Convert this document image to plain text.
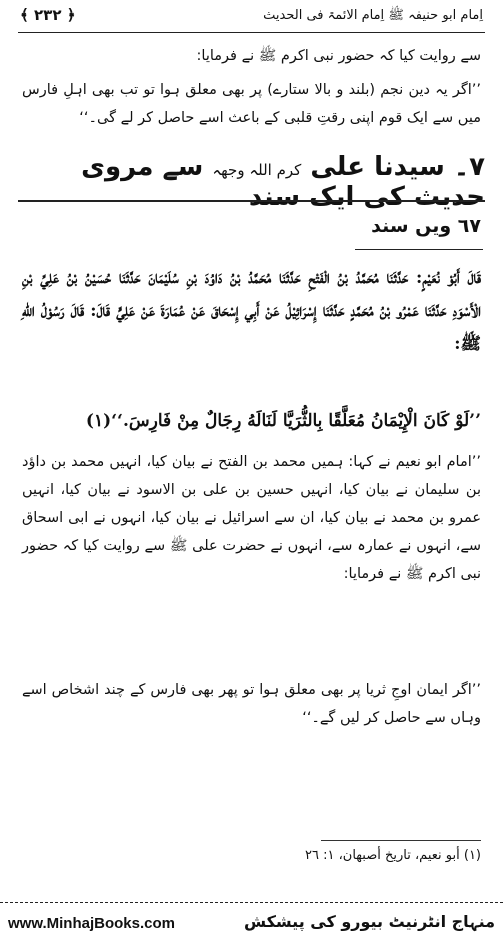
﴿ ٢٣٢ ﴾	اِمام ابو حنیفہ ﷺ اِمام الائمۃ فی الحدیث
سے روایت کیا کہ حضور نبی اکرم ﷺ نے فرمایا:
’’اگر یہ دین نجم (بلند و بالا ستارے) پر بھی معلق ہوا تو تب بھی اہلِ فارس میں سے ایک قوم اپنی رقتِ قلبی کے باعث اسے حاصل کر لے گی۔‘‘
٧۔ سیدنا علی کرم اللہ وجھہ سے مروی حدیث کی ایک سند
٦٧ ویں سند
قَالَ أَبُوْ نُعَيْمٍ: حَدَّثَنَا مُحَمَّدُ بْنُ الْفَتْحِ حَدَّثَنَا مُحَمَّدُ بْنُ دَاوُدَ بْنِ سُلَيْمَانَ حَدَّثَنَا حُسَيْنُ بْنُ عَلِيِّ بْنِ الْأَسْوَدِ حَدَّثَنَا عَمْرُو بْنُ مُحَمَّدٍ حَدَّثَنَا إِسْرَائِيْلُ عَنْ أَبِي إِسْحَاقَ عَنْ عُمَارَةَ عَنْ عَلِيٍّ قَالَ: قَالَ رَسُوْلُ اللهِ ﷺ:
’’لَوْ كَانَ الْإِيْمَانُ مُعَلَّقًا بِالثُّرَيَّا لَنَالَهُ رِجَالٌ مِنْ فَارِسَ.‘‘(١)
’’امام ابو نعیم نے کہا: ہمیں محمد بن الفتح نے بیان کیا، انہیں محمد بن داؤد بن سلیمان نے بیان کیا، انہیں حسین بن علی بن الاسود نے بیان کیا، انہیں عمرو بن محمد نے بیان کیا، ان سے اسرائیل نے بیان کیا، انہوں نے ابی اسحاق سے، انہوں نے عمارہ سے، انہوں نے حضرت علی ﷺ سے روایت کیا کہ حضور نبی اکرم ﷺ نے فرمایا:
’’اگر ایمان اوجِ ثریا پر بھی معلق ہوا تو پھر بھی فارس کے چند اشخاص اسے وہاں سے حاصل کر لیں گے۔‘‘
(١) أبو نعيم، تاريخ أصبهان، ١: ٢٦
www.MinhajBooks.com	منہاج انٹرنیٹ بیورو کی پیشکش
